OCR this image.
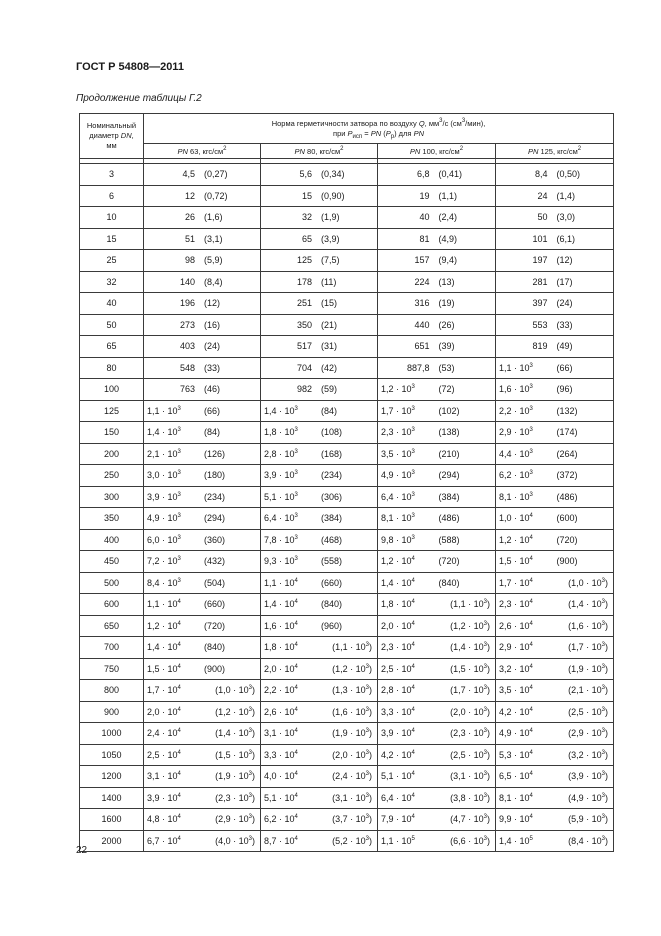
ГОСТ Р 54808—2011
Продолжение таблицы Г.2
Номинальный
диаметр DN,
мм	Норма герметичности затвора по воздуху Q, $мм^3/с$ $(см^3/мин)$,
при $P_{исп}$ = PN $(P_р)$ для PN			
	PN 63, кгс/$см^2$	PN 80, кгс/$см^2$	PN 100, кгс/$см^2$	PN 125, кгс/$см^2$

3	4,5 (0,27)	5,6 (0,34)	6,8 (0,41)	8,4 (0,50)
6	12 (0,72)	15 (0,90)	19 (1,1)	24 (1,4)
10	26 (1,6)	32 (1,9)	40 (2,4)	50 (3,0)
15	51 (3,1)	65 (3,9)	81 (4,9)	101 (6,1)
25	98 (5,9)	125 (7,5)	157 (9,4)	197 (12)
32	140 (8,4)	178 (11)	224 (13)	281 (17)
40	196 (12)	251 (15)	316 (19)	397 (24)
50	273 (16)	350 (21)	440 (26)	553 (33)
65	403 (24)	517 (31)	651 (39)	819 (49)
80	548 (33)	704 (42)	887,8 (53)	$1,1 \cdot 10^3$ (66)
100	763 (46)	982 (59)	$1,2 \cdot 10^3$ (72)	$1,6 \cdot 10^3$ (96)
125	$1,1 \cdot 10^3$ (66)	$1,4 \cdot 10^3$ (84)	$1,7 \cdot 10^3$ (102)	$2,2 \cdot 10^3$ (132)
150	$1,4 \cdot 10^3$ (84)	$1,8 \cdot 10^3$ (108)	$2,3 \cdot 10^3$ (138)	$2,9 \cdot 10^3$ (174)
200	$2,1 \cdot 10^3$ (126)	$2,8 \cdot 10^3$ (168)	$3,5 \cdot 10^3$ (210)	$4,4 \cdot 10^3$ (264)
250	$3,0 \cdot 10^3$ (180)	$3,9 \cdot 10^3$ (234)	$4,9 \cdot 10^3$ (294)	$6,2 \cdot 10^3$ (372)
300	$3,9 \cdot 10^3$ (234)	$5,1 \cdot 10^3$ (306)	$6,4 \cdot 10^3$ (384)	$8,1 \cdot 10^3$ (486)
350	$4,9 \cdot 10^3$ (294)	$6,4 \cdot 10^3$ (384)	$8,1 \cdot 10^3$ (486)	$1,0 \cdot 10^4$ (600)
400	$6,0 \cdot 10^3$ (360)	$7,8 \cdot 10^3$ (468)	$9,8 \cdot 10^3$ (588)	$1,2 \cdot 10^4$ (720)
450	$7,2 \cdot 10^3$ (432)	$9,3 \cdot 10^3$ (558)	$1,2 \cdot 10^4$ (720)	$1,5 \cdot 10^4$ (900)
500	$8,4 \cdot 10^3$ (504)	$1,1 \cdot 10^4$ (660)	$1,4 \cdot 10^4$ (840)	$1,7 \cdot 10^4$ $(1,0 \cdot 10^3)$
600	$1,1 \cdot 10^4$ (660)	$1,4 \cdot 10^4$ (840)	$1,8 \cdot 10^4$ $(1,1 \cdot 10^3)$	$2,3 \cdot 10^4$ $(1,4 \cdot 10^3)$
650	$1,2 \cdot 10^4$ (720)	$1,6 \cdot 10^4$ (960)	$2,0 \cdot 10^4$ $(1,2 \cdot 10^3)$	$2,6 \cdot 10^4$ $(1,6 \cdot 10^3)$
700	$1,4 \cdot 10^4$ (840)	$1,8 \cdot 10^4$ $(1,1 \cdot 10^3)$	$2,3 \cdot 10^4$ $(1,4 \cdot 10^3)$	$2,9 \cdot 10^4$ $(1,7 \cdot 10^3)$
750	$1,5 \cdot 10^4$ (900)	$2,0 \cdot 10^4$ $(1,2 \cdot 10^3)$	$2,5 \cdot 10^4$ $(1,5 \cdot 10^3)$	$3,2 \cdot 10^4$ $(1,9 \cdot 10^3)$
800	$1,7 \cdot 10^4$ $(1,0 \cdot 10^3)$	$2,2 \cdot 10^4$ $(1,3 \cdot 10^3)$	$2,8 \cdot 10^4$ $(1,7 \cdot 10^3)$	$3,5 \cdot 10^4$ $(2,1 \cdot 10^3)$
900	$2,0 \cdot 10^4$ $(1,2 \cdot 10^3)$	$2,6 \cdot 10^4$ $(1,6 \cdot 10^3)$	$3,3 \cdot 10^4$ $(2,0 \cdot 10^3)$	$4,2 \cdot 10^4$ $(2,5 \cdot 10^3)$
1000	$2,4 \cdot 10^4$ $(1,4 \cdot 10^3)$	$3,1 \cdot 10^4$ $(1,9 \cdot 10^3)$	$3,9 \cdot 10^4$ $(2,3 \cdot 10^3)$	$4,9 \cdot 10^4$ $(2,9 \cdot 10^3)$
1050	$2,5 \cdot 10^4$ $(1,5 \cdot 10^3)$	$3,3 \cdot 10^4$ $(2,0 \cdot 10^3)$	$4,2 \cdot 10^4$ $(2,5 \cdot 10^3)$	$5,3 \cdot 10^4$ $(3,2 \cdot 10^3)$
1200	$3,1 \cdot 10^4$ $(1,9 \cdot 10^3)$	$4,0 \cdot 10^4$ $(2,4 \cdot 10^3)$	$5,1 \cdot 10^4$ $(3,1 \cdot 10^3)$	$6,5 \cdot 10^4$ $(3,9 \cdot 10^3)$
1400	$3,9 \cdot 10^4$ $(2,3 \cdot 10^3)$	$5,1 \cdot 10^4$ $(3,1 \cdot 10^3)$	$6,4 \cdot 10^4$ $(3,8 \cdot 10^3)$	$8,1 \cdot 10^4$ $(4,9 \cdot 10^3)$
1600	$4,8 \cdot 10^4$ $(2,9 \cdot 10^3)$	$6,2 \cdot 10^4$ $(3,7 \cdot 10^3)$	$7,9 \cdot 10^4$ $(4,7 \cdot 10^3)$	$9,9 \cdot 10^4$ $(5,9 \cdot 10^3)$
2000	$6,7 \cdot 10^4$ $(4,0 \cdot 10^3)$	$8,7 \cdot 10^4$ $(5,2 \cdot 10^3)$	$1,1 \cdot 10^5$ $(6,6 \cdot 10^3)$	$1,4 \cdot 10^5$ $(8,4 \cdot 10^3)$
22
